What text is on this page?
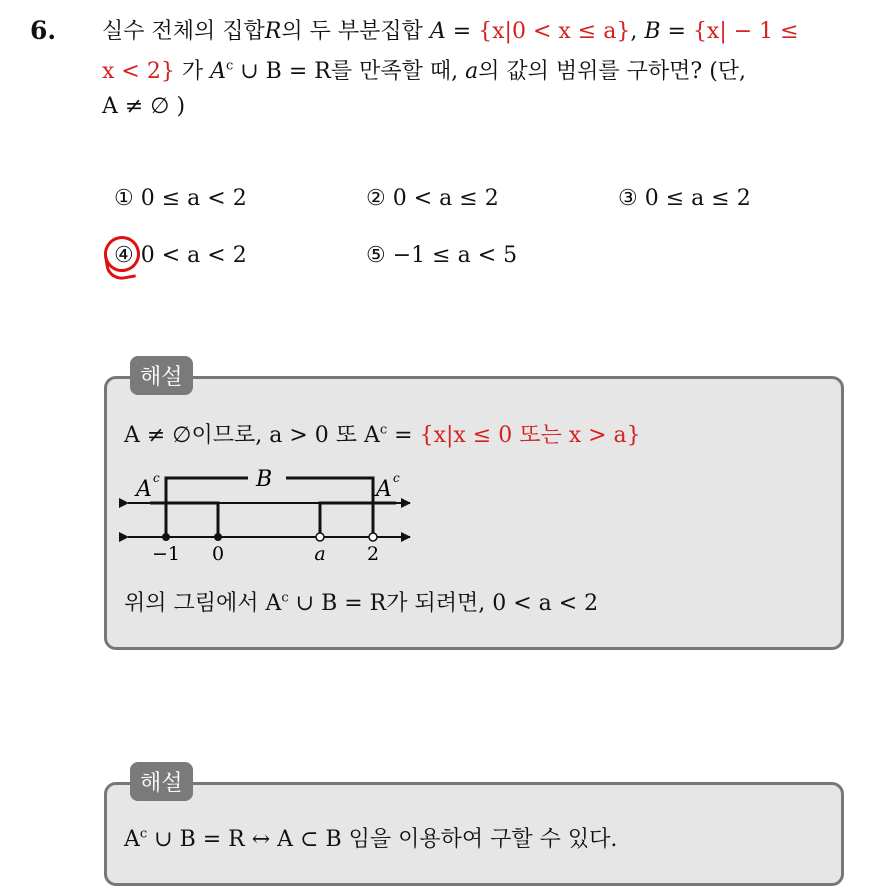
6. 실수 전체의 집합R의 두 부분집합 A = {x|0 < x ≤ a}, B = {x| − 1 ≤
x < 2} 가 $A^c$ ∪ B = R를 만족할 때, a의 값의 범위를 구하면? (단,
A ≠ ∅ )
① 0 ≤ a < 2	② 0 < a ≤ 2	③ 0 ≤ a ≤ 2
④ 0 < a < 2	⑤ −1 ≤ a < 5
해설
A ≠ ∅이므로, a > 0 또 $A^c = \{x|x \le 0$ 또는 x > a}
A c	B	A c
−1 0	a 2
위의 그림에서 $A^c$ ∪ B = R가 되려면, 0 < a < 2
해설
$A^c$ ∪ B = R ↔ A ⊂ B 임을 이용하여 구할 수 있다.
